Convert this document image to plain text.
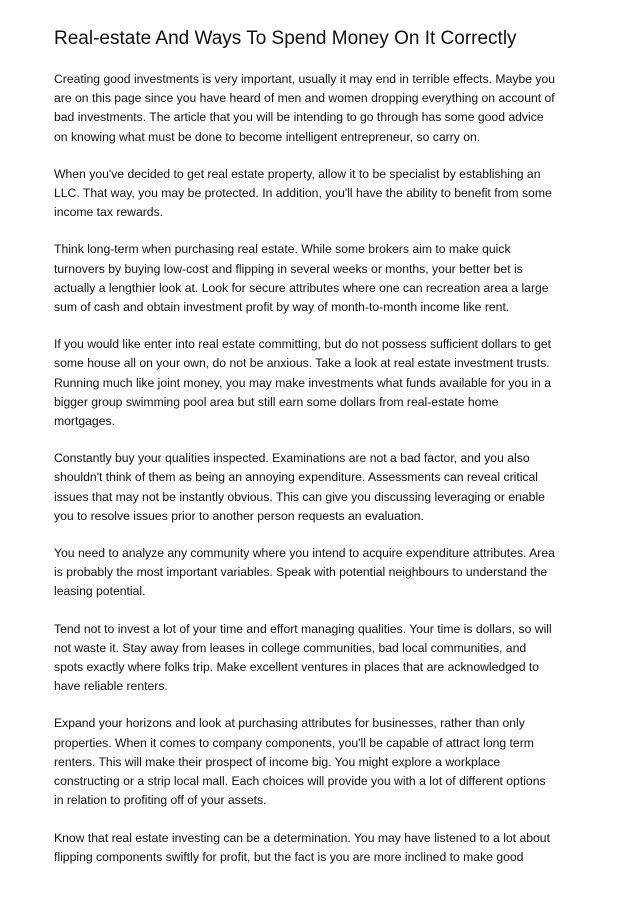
Real-estate And Ways To Spend Money On It Correctly

Creating good investments is very important, usually it may end in terrible effects. Maybe you
are on this page since you have heard of men and women dropping everything on account of
bad investments. The article that you will be intending to go through has some good advice
on knowing what must be done to become intelligent entrepreneur, so carry on.

When you've decided to get real estate property, allow it to be specialist by establishing an
LLC. That way, you may be protected. In addition, you'll have the ability to benefit from some
income tax rewards.

Think long-term when purchasing real estate. While some brokers aim to make quick
turnovers by buying low-cost and flipping in several weeks or months, your better bet is
actually a lengthier look at. Look for secure attributes where one can recreation area a large
sum of cash and obtain investment profit by way of month-to-month income like rent.

If you would like enter into real estate committing, but do not possess sufficient dollars to get
some house all on your own, do not be anxious. Take a look at real estate investment trusts.
Running much like joint money, you may make investments what funds available for you in a
bigger group swimming pool area but still earn some dollars from real-estate home
mortgages.

Constantly buy your qualities inspected. Examinations are not a bad factor, and you also
shouldn't think of them as being an annoying expenditure. Assessments can reveal critical
issues that may not be instantly obvious. This can give you discussing leveraging or enable
you to resolve issues prior to another person requests an evaluation.

You need to analyze any community where you intend to acquire expenditure attributes. Area
is probably the most important variables. Speak with potential neighbours to understand the
leasing potential.

Tend not to invest a lot of your time and effort managing qualities. Your time is dollars, so will
not waste it. Stay away from leases in college communities, bad local communities, and
spots exactly where folks trip. Make excellent ventures in places that are acknowledged to
have reliable renters.

Expand your horizons and look at purchasing attributes for businesses, rather than only
properties. When it comes to company components, you'll be capable of attract long term
renters. This will make their prospect of income big. You might explore a workplace
constructing or a strip local mall. Each choices will provide you with a lot of different options
in relation to profiting off of your assets.

Know that real estate investing can be a determination. You may have listened to a lot about
flipping components swiftly for profit, but the fact is you are more inclined to make good
